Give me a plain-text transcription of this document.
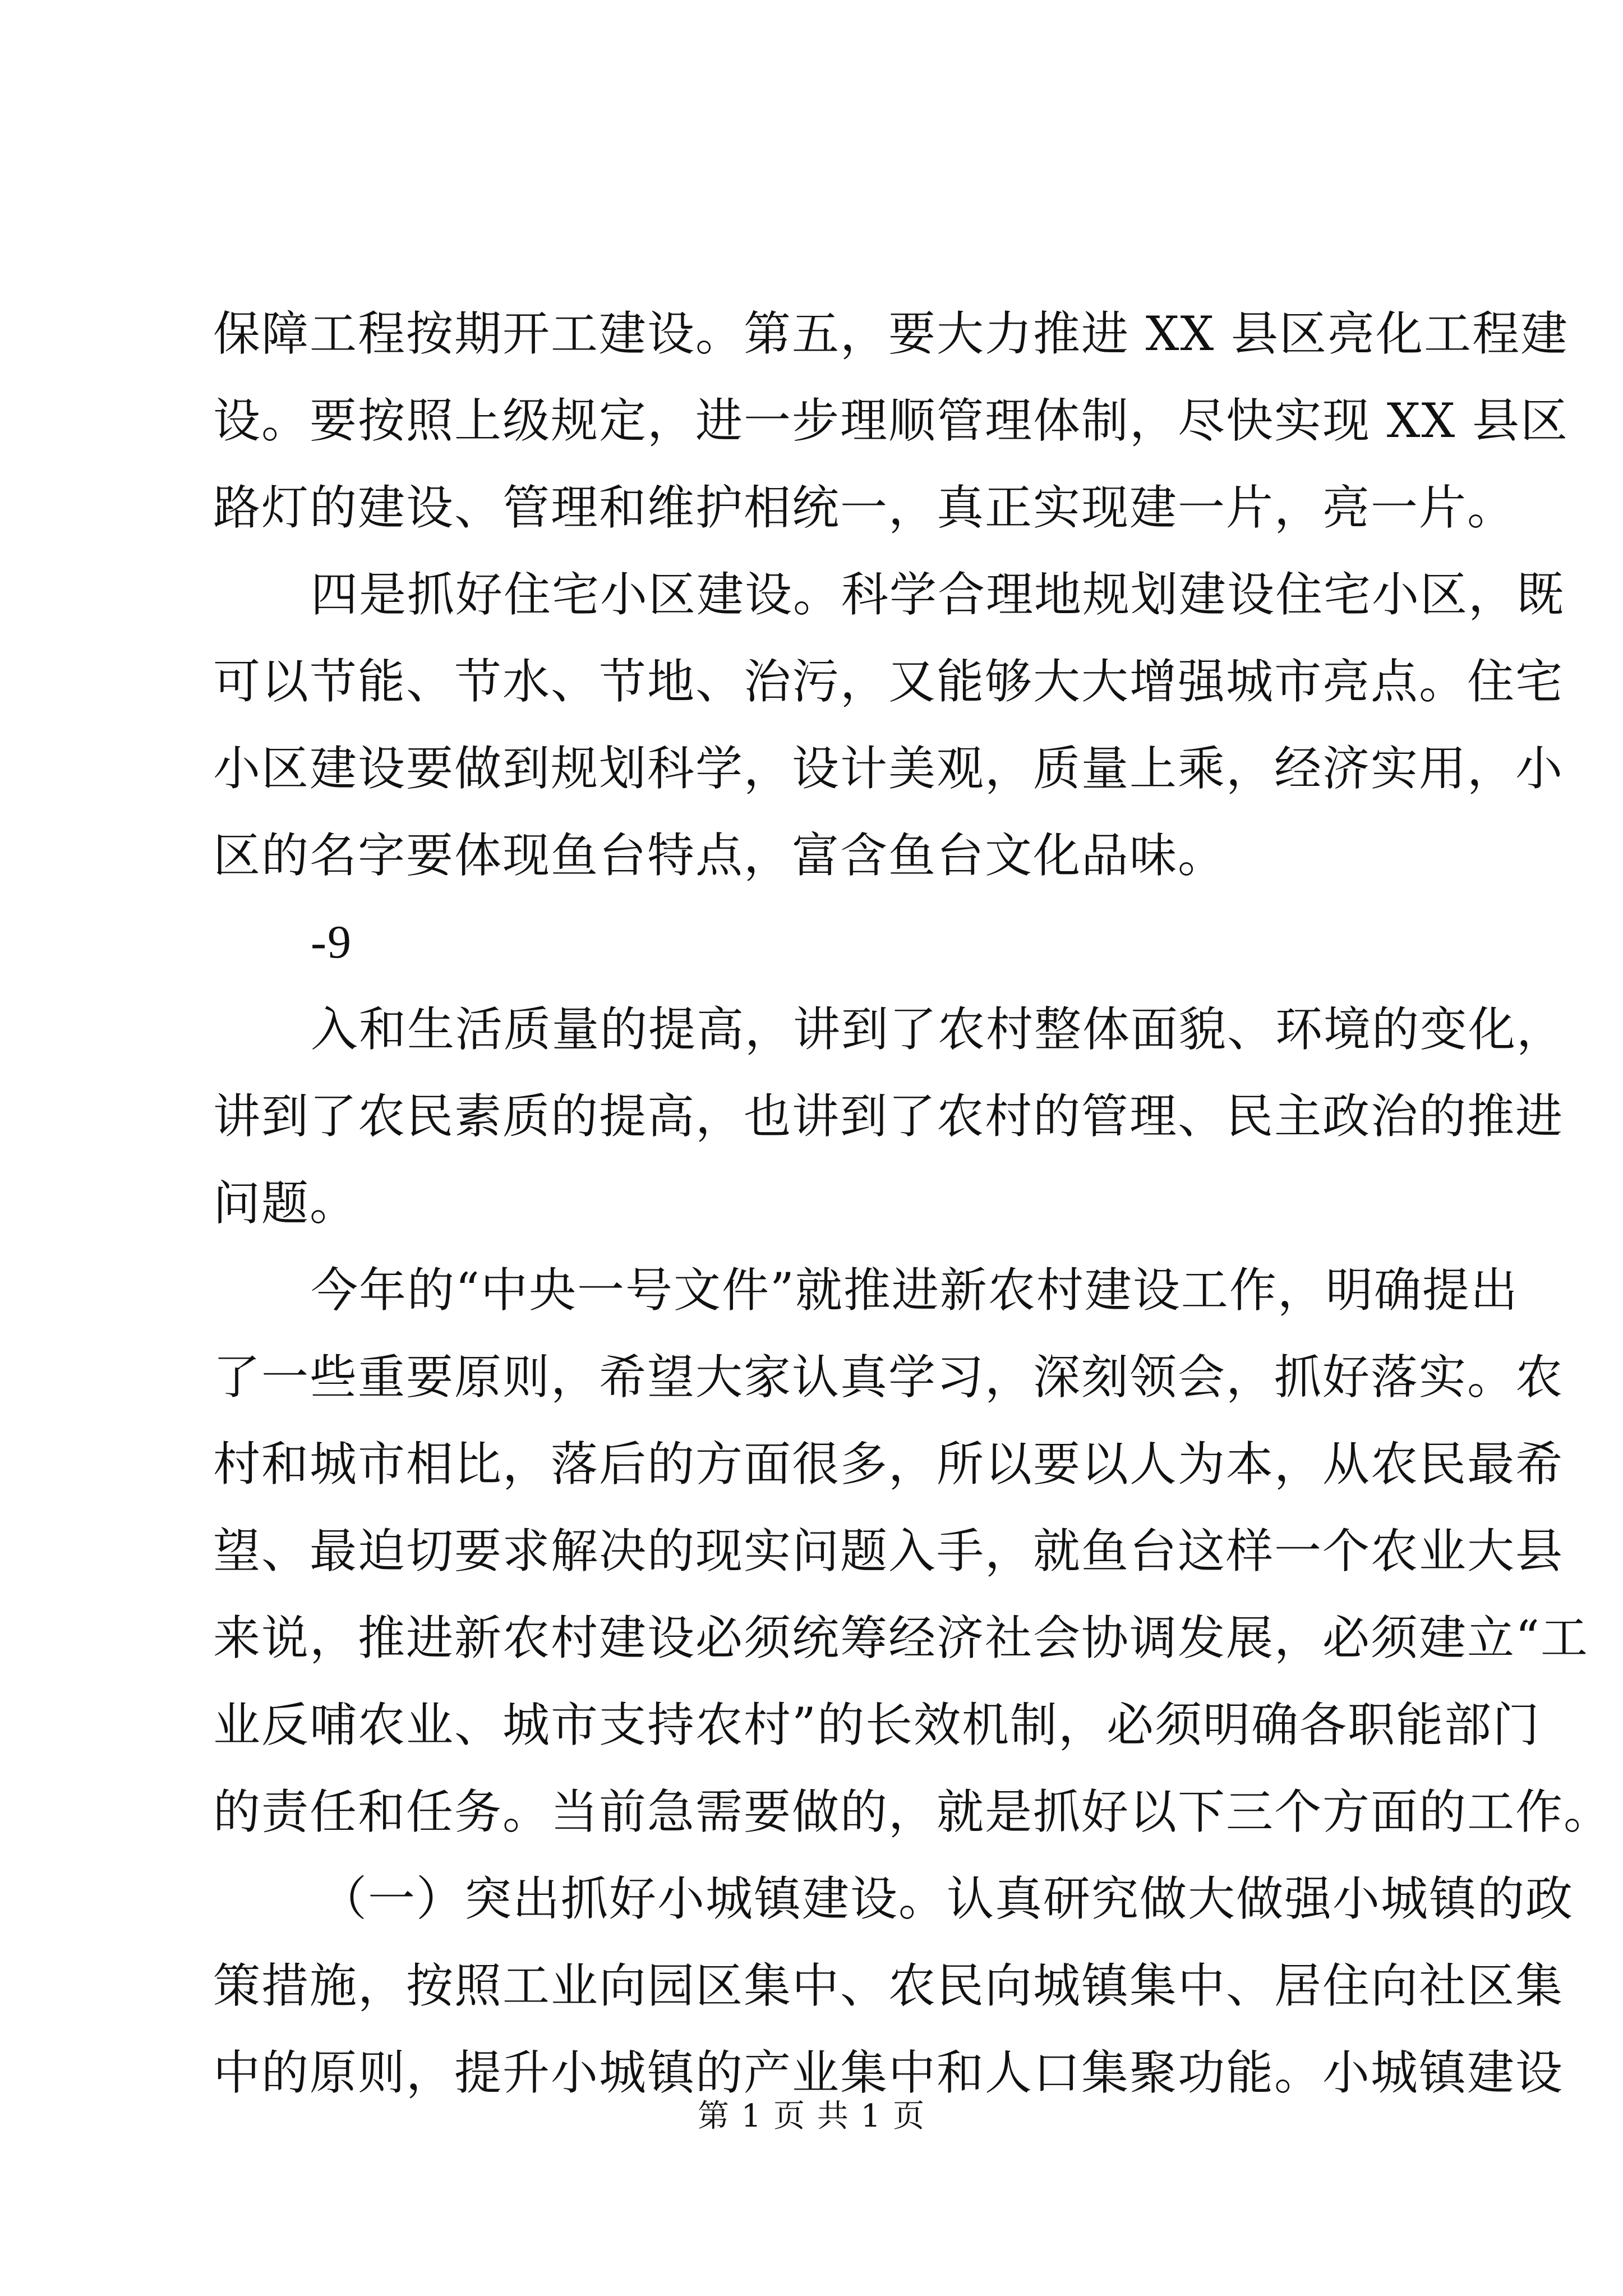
保障工程按期开工建设。第五，要大力推进 XX 县区亮化工程建
设。要按照上级规定，进一步理顺管理体制，尽快实现 XX 县区
路灯的建设、管理和维护相统一，真正实现建一片，亮一片。
四是抓好住宅小区建设。科学合理地规划建设住宅小区，既
可以节能、节水、节地、治污，又能够大大增强城市亮点。住宅
小区建设要做到规划科学，设计美观，质量上乘，经济实用，小
区的名字要体现鱼台特点，富含鱼台文化品味。
-9
入和生活质量的提高，讲到了农村整体面貌、环境的变化，
讲到了农民素质的提高，也讲到了农村的管理、民主政治的推进
问题。
今年的“中央一号文件”就推进新农村建设工作，明确提出
了一些重要原则，希望大家认真学习，深刻领会，抓好落实。农
村和城市相比，落后的方面很多，所以要以人为本，从农民最希
望、最迫切要求解决的现实问题入手，就鱼台这样一个农业大县
来说，推进新农村建设必须统筹经济社会协调发展，必须建立“工
业反哺农业、城市支持农村”的长效机制，必须明确各职能部门
的责任和任务。当前急需要做的，就是抓好以下三个方面的工作。
（一）突出抓好小城镇建设。认真研究做大做强小城镇的政
策措施，按照工业向园区集中、农民向城镇集中、居住向社区集
中的原则，提升小城镇的产业集中和人口集聚功能。小城镇建设
第 1 页 共 1 页
